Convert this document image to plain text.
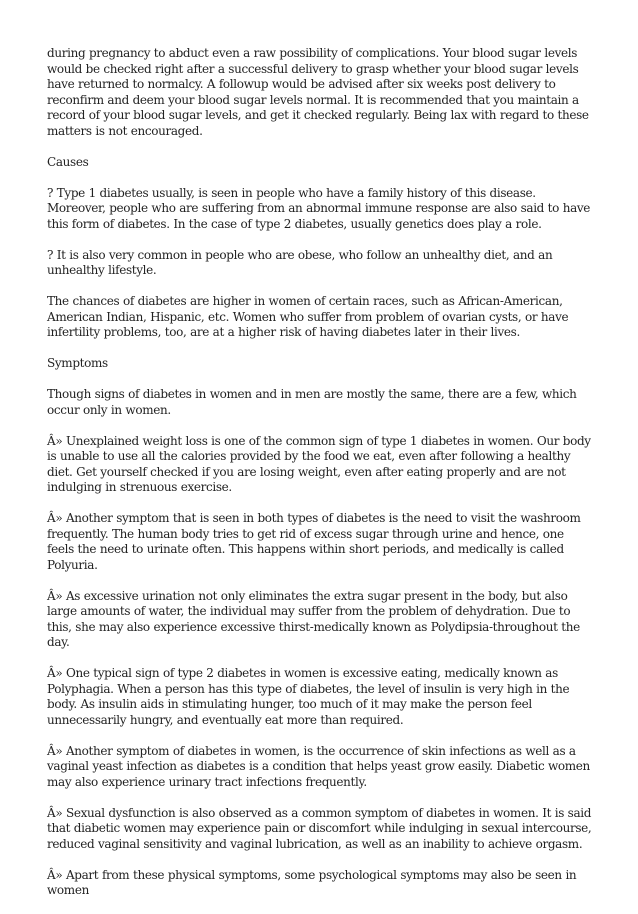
during pregnancy to abduct even a raw possibility of complications. Your blood sugar levels would be checked right after a successful delivery to grasp whether your blood sugar levels have returned to normalcy. A followup would be advised after six weeks post delivery to reconfirm and deem your blood sugar levels normal. It is recommended that you maintain a record of your blood sugar levels, and get it checked regularly. Being lax with regard to these matters is not encouraged.

Causes

? Type 1 diabetes usually, is seen in people who have a family history of this disease. Moreover, people who are suffering from an abnormal immune response are also said to have this form of diabetes. In the case of type 2 diabetes, usually genetics does play a role.

? It is also very common in people who are obese, who follow an unhealthy diet, and an unhealthy lifestyle.

The chances of diabetes are higher in women of certain races, such as African-American, American Indian, Hispanic, etc. Women who suffer from problem of ovarian cysts, or have infertility problems, too, are at a higher risk of having diabetes later in their lives.

Symptoms

Though signs of diabetes in women and in men are mostly the same, there are a few, which occur only in women.

Â» Unexplained weight loss is one of the common sign of type 1 diabetes in women. Our body is unable to use all the calories provided by the food we eat, even after following a healthy diet. Get yourself checked if you are losing weight, even after eating properly and are not indulging in strenuous exercise.

Â» Another symptom that is seen in both types of diabetes is the need to visit the washroom frequently. The human body tries to get rid of excess sugar through urine and hence, one feels the need to urinate often. This happens within short periods, and medically is called Polyuria.

Â» As excessive urination not only eliminates the extra sugar present in the body, but also large amounts of water, the individual may suffer from the problem of dehydration. Due to this, she may also experience excessive thirst-medically known as Polydipsia-throughout the day.

Â» One typical sign of type 2 diabetes in women is excessive eating, medically known as Polyphagia. When a person has this type of diabetes, the level of insulin is very high in the body. As insulin aids in stimulating hunger, too much of it may make the person feel unnecessarily hungry, and eventually eat more than required.

Â» Another symptom of diabetes in women, is the occurrence of skin infections as well as a vaginal yeast infection as diabetes is a condition that helps yeast grow easily. Diabetic women may also experience urinary tract infections frequently.

Â» Sexual dysfunction is also observed as a common symptom of diabetes in women. It is said that diabetic women may experience pain or discomfort while indulging in sexual intercourse, reduced vaginal sensitivity and vaginal lubrication, as well as an inability to achieve orgasm.

Â» Apart from these physical symptoms, some psychological symptoms may also be seen in women
